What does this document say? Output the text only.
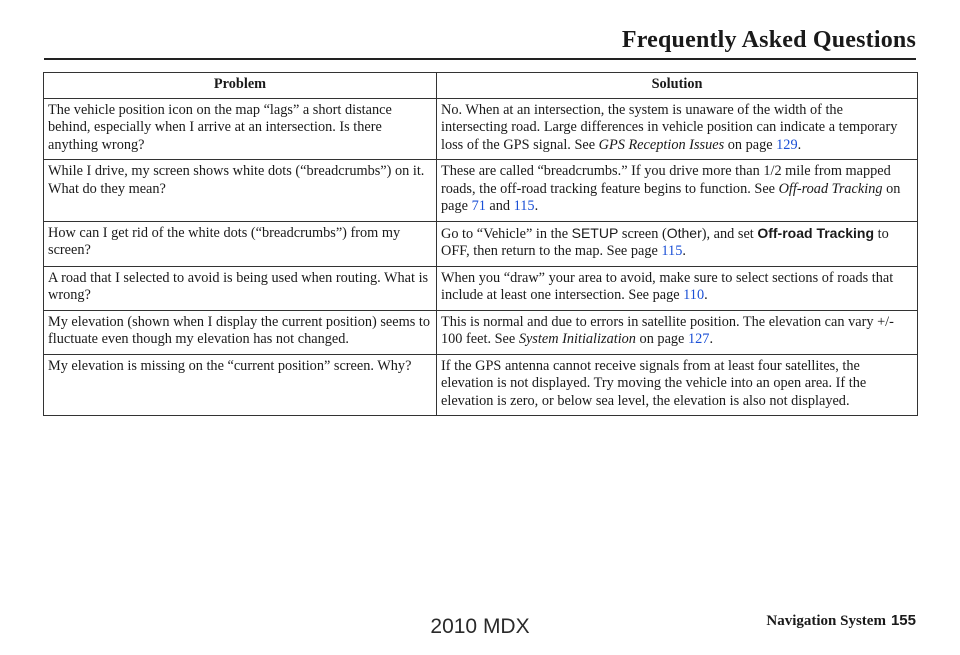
Frequently Asked Questions
Problem	Solution
The vehicle position icon on the map “lags” a short distance behind, especially when I arrive at an intersection. Is there anything wrong?	No. When at an intersection, the system is unaware of the width of the intersecting road. Large differences in vehicle position can indicate a temporary loss of the GPS signal. See GPS Reception Issues on page 129.
While I drive, my screen shows white dots (“breadcrumbs”) on it. What do they mean?	These are called “breadcrumbs.” If you drive more than 1/2 mile from mapped roads, the off-road tracking feature begins to function. See Off-road Tracking on page 71 and 115.
How can I get rid of the white dots (“breadcrumbs”) from my screen?	Go to “Vehicle” in the SETUP screen (Other), and set Off-road Tracking to OFF, then return to the map. See page 115.
A road that I selected to avoid is being used when routing. What is wrong?	When you “draw” your area to avoid, make sure to select sections of roads that include at least one intersection. See page 110.
My elevation (shown when I display the current position) seems to fluctuate even though my elevation has not changed.	This is normal and due to errors in satellite position. The elevation can vary +/- 100 feet. See System Initialization on page 127.
My elevation is missing on the “current position” screen. Why?	If the GPS antenna cannot receive signals from at least four satellites, the elevation is not displayed. Try moving the vehicle into an open area. If the elevation is zero, or below sea level, the elevation is also not displayed.
Navigation System 155
2010 MDX
